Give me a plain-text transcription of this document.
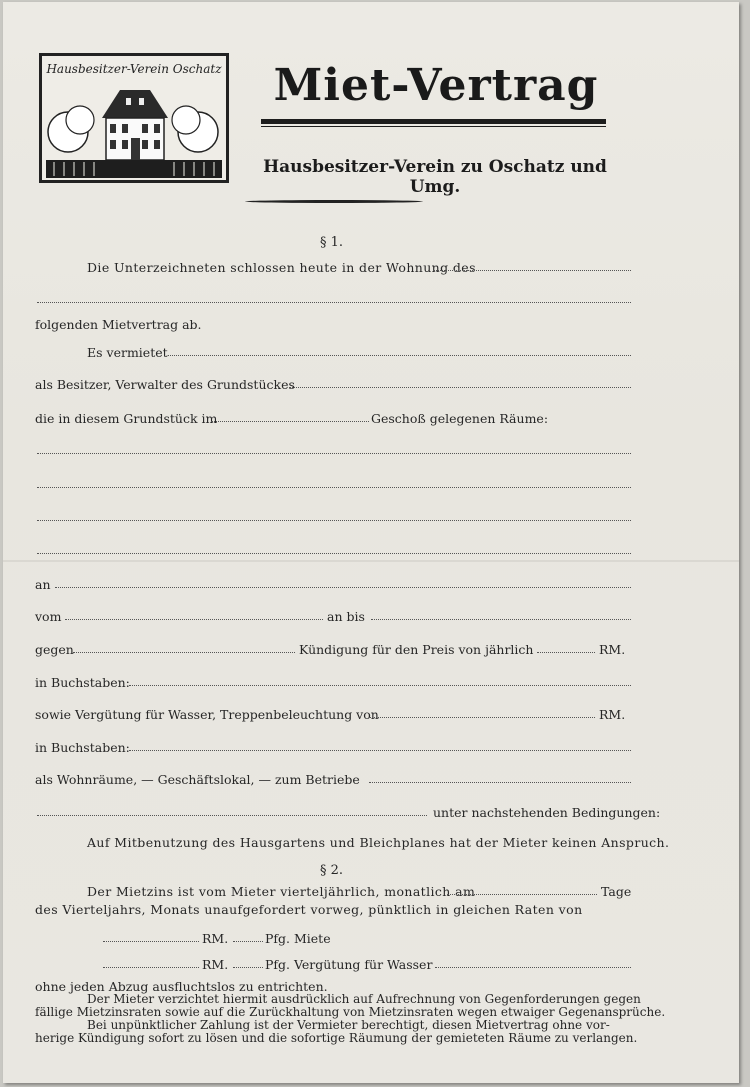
Hausbesitzer-Verein Oschatz Miet-Vertrag
Hausbesitzer-Verein zu Oschatz und Umg.
§ 1.
Die Unterzeichneten schlossen heute in der Wohnung des
folgenden Mietvertrag ab.
Es vermietet
als Besitzer, Verwalter des Grundstückes
die in diesem Grundstück im	Geschoß gelegenen Räume:
an
vom	an bis
gegen	Kündigung für den Preis von jährlich	RM.
in Buchstaben:
sowie Vergütung für Wasser, Treppenbeleuchtung von	RM.
in Buchstaben:
als Wohnräume, — Geschäftslokal, — zum Betriebe
unter nachstehenden Bedingungen:
Auf Mitbenutzung des Hausgartens und Bleichplanes hat der Mieter keinen Anspruch.
§ 2.
Der Mietzins ist vom Mieter vierteljährlich, monatlich am	Tage
des Vierteljahrs, Monats unaufgefordert vorweg, pünktlich in gleichen Raten von
RM.	Pfg. Miete
RM.	Pfg. Vergütung für Wasser
ohne jeden Abzug ausfluchtslos zu entrichten.
Der Mieter verzichtet hiermit ausdrücklich auf Aufrechnung von Gegenforderungen gegen
fällige Mietzinsraten sowie auf die Zurückhaltung von Mietzinsraten wegen etwaiger Gegenansprüche.
Bei unpünktlicher Zahlung ist der Vermieter berechtigt, diesen Mietvertrag ohne vor-
herige Kündigung sofort zu lösen und die sofortige Räumung der gemieteten Räume zu verlangen.
